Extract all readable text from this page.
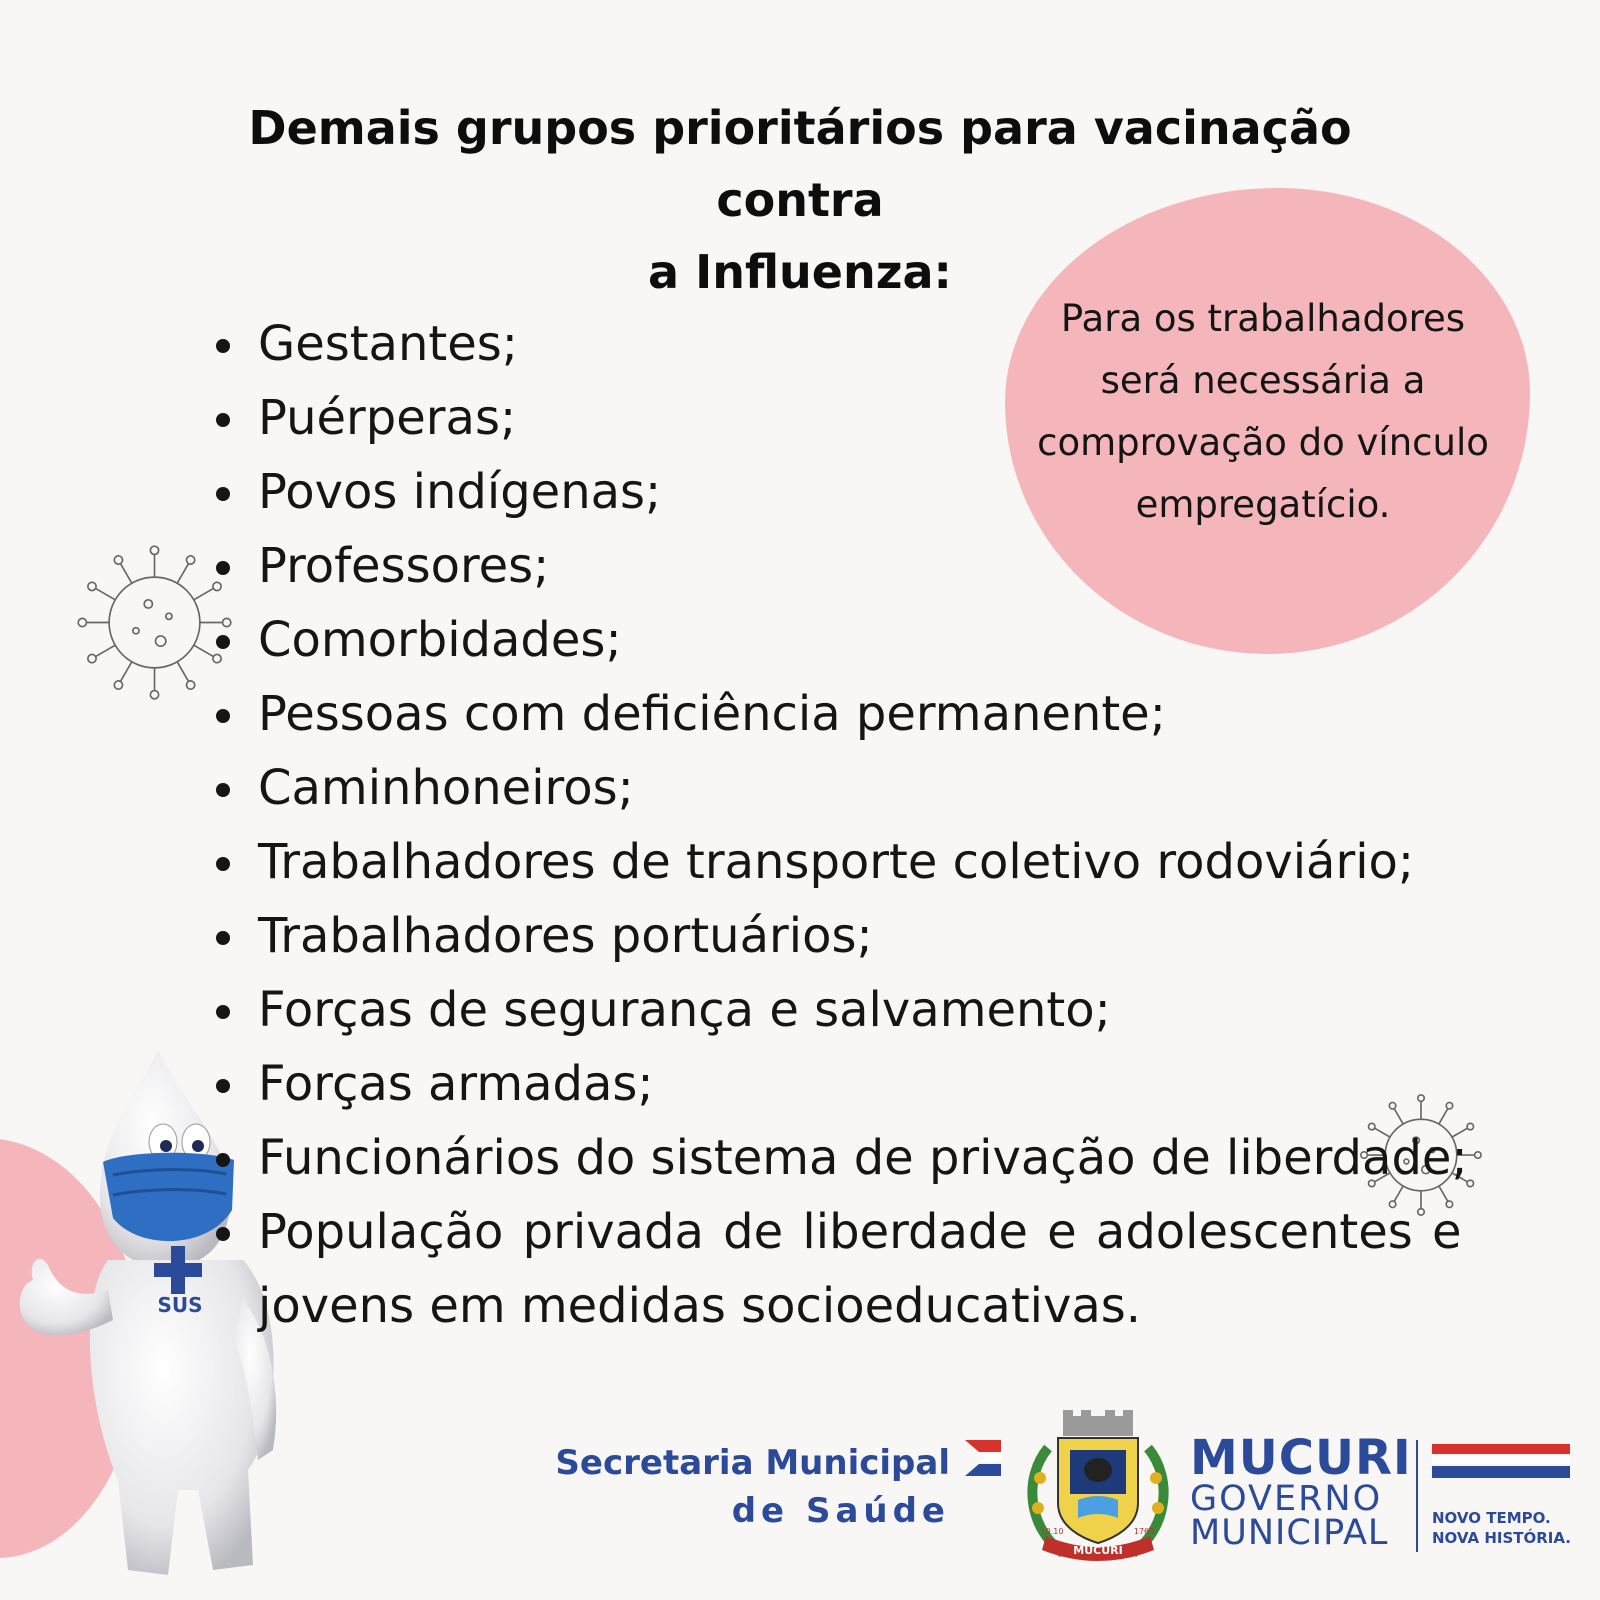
Demais grupos prioritários para vacinação contra
a Influenza:

Para os trabalhadores
será necessária a
comprovação do vínculo
empregatício.

SUS
Gestantes;
Puérperas;
Povos indígenas;
Professores;
Comorbidades;
Pessoas com deficiência permanente;
Caminhoneiros;
Trabalhadores de transporte coletivo rodoviário;
Trabalhadores portuários;
Forças de segurança e salvamento;
Forças armadas;
Funcionários do sistema de privação de liberdade;
População privada de liberdade e adolescentes e
jovens em medidas socioeducativas.
Secretaria Municipal
de Saúde
MUCURI
10.10	1769
MUCURI
GOVERNO
MUNICIPAL	NOVO TEMPO.
NOVA HISTÓRIA.
